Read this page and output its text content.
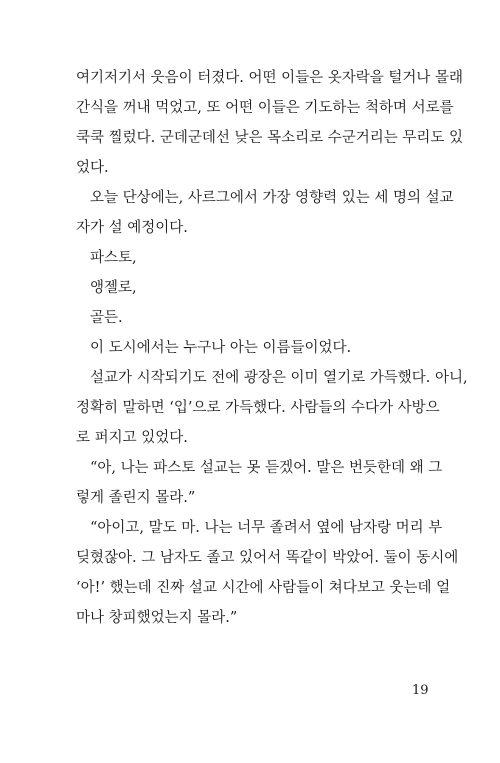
여기저기서 웃음이 터졌다. 어떤 이들은 옷자락을 털거나 몰래
간식을 꺼내 먹었고, 또 어떤 이들은 기도하는 척하며 서로를
쿡쿡 찔렀다. 군데군데선 낮은 목소리로 수군거리는 무리도 있
었다.
오늘 단상에는, 사르그에서 가장 영향력 있는 세 명의 설교
자가 설 예정이다.
파스토,
앵젤로,
골든.
이 도시에서는 누구나 아는 이름들이었다.
설교가 시작되기도 전에 광장은 이미 열기로 가득했다. 아니,
정확히 말하면 ‘입’으로 가득했다. 사람들의 수다가 사방으
로 퍼지고 있었다.
“아, 나는 파스토 설교는 못 듣겠어. 말은 번듯한데 왜 그
렇게 졸린지 몰라.”
“아이고, 말도 마. 나는 너무 졸려서 옆에 남자랑 머리 부
딪혔잖아. 그 남자도 졸고 있어서 똑같이 박았어. 둘이 동시에
‘아!’ 했는데 진짜 설교 시간에 사람들이 쳐다보고 웃는데 얼
마나 창피했었는지 몰라.”
19
